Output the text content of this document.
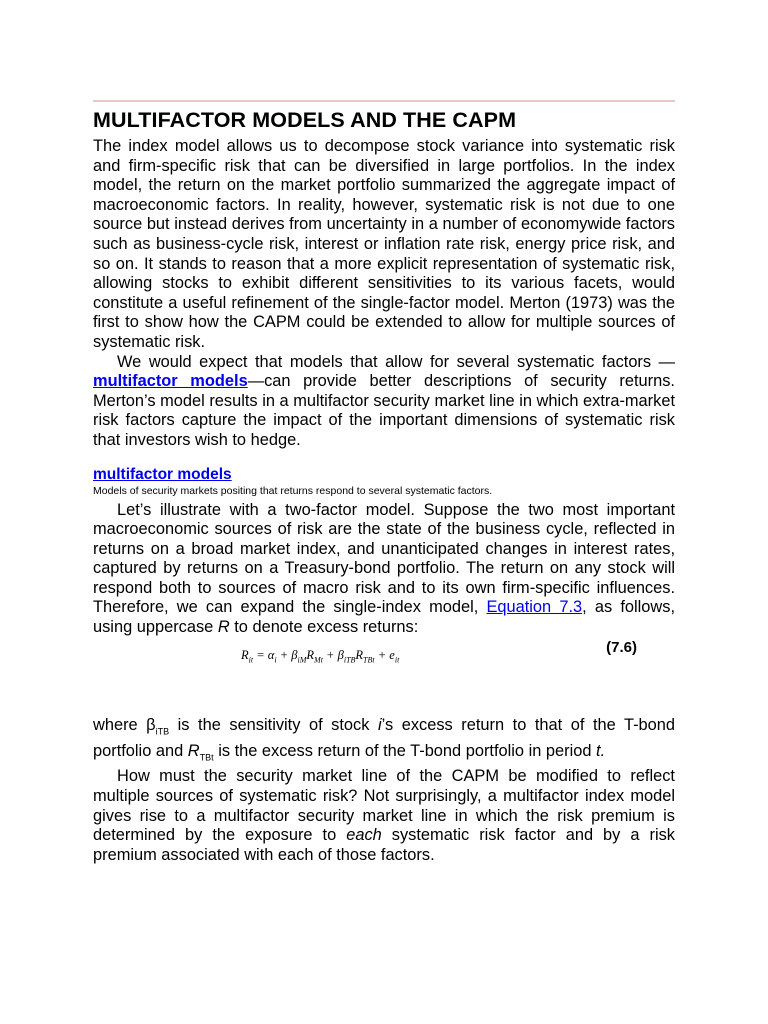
MULTIFACTOR MODELS AND THE CAPM

The index model allows us to decompose stock variance into systematic risk and firm-specific risk that can be diversified in large portfolios. In the index model, the return on the market portfolio summarized the aggregate impact of macroeconomic factors. In reality, however, systematic risk is not due to one source but instead derives from uncertainty in a number of economywide factors such as business-cycle risk, interest or inflation rate risk, energy price risk, and so on. It stands to reason that a more explicit representation of systematic risk, allowing stocks to exhibit different sensitivities to its various facets, would constitute a useful refinement of the single-factor model. Merton (1973) was the first to show how the CAPM could be extended to allow for multiple sources of systematic risk.

We would expect that models that allow for several systematic factors —multifactor models—can provide better descriptions of security returns. Merton’s model results in a multifactor security market line in which extra-market risk factors capture the impact of the important dimensions of systematic risk that investors wish to hedge.

multifactor models
Models of security markets positing that returns respond to several systematic factors.

Let’s illustrate with a two-factor model. Suppose the two most important macroeconomic sources of risk are the state of the business cycle, reflected in returns on a broad market index, and unanticipated changes in interest rates, captured by returns on a Treasury-bond portfolio. The return on any stock will respond both to sources of macro risk and to its own firm-specific influences. Therefore, we can expand the single-index model, Equation 7.3, as follows, using uppercase R to denote excess returns:

$R_{it} = \alpha_i + \beta_{iM}R_{Mt} + \beta_{iTB}R_{TBt} + e_{it}$
(7.6)

where $\beta_{iTB}$ is the sensitivity of stock i’s excess return to that of the T-bond portfolio and $R_{TBt}$ is the excess return of the T-bond portfolio in period t.

How must the security market line of the CAPM be modified to reflect multiple sources of systematic risk? Not surprisingly, a multifactor index model gives rise to a multifactor security market line in which the risk premium is determined by the exposure to each systematic risk factor and by a risk premium associated with each of those factors.
